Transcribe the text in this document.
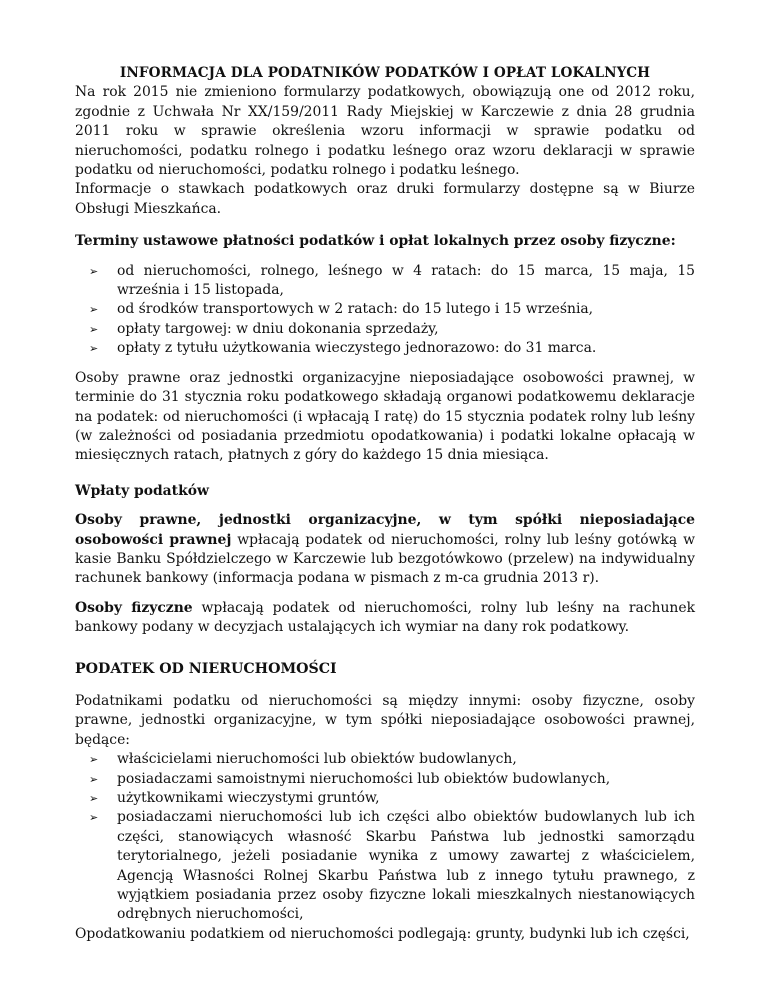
INFORMACJA DLA PODATNIKÓW PODATKÓW I OPŁAT LOKALNYCH

Na rok 2015 nie zmieniono formularzy podatkowych, obowiązują one od 2012 roku, zgodnie z Uchwała Nr XX/159/2011 Rady Miejskiej w Karczewie z dnia 28 grudnia 2011 roku w sprawie określenia wzoru informacji w sprawie podatku od nieruchomości, podatku rolnego i podatku leśnego oraz wzoru deklaracji w sprawie podatku od nieruchomości, podatku rolnego i podatku leśnego.

Informacje o stawkach podatkowych oraz druki formularzy dostępne są w Biurze Obsługi Mieszkańca.

Terminy ustawowe płatności podatków i opłat lokalnych przez osoby fizyczne:

➢ od nieruchomości, rolnego, leśnego w 4 ratach: do 15 marca, 15 maja, 15 września i 15 listopada,
➢ od środków transportowych w 2 ratach: do 15 lutego i 15 września,
➢ opłaty targowej: w dniu dokonania sprzedaży,
➢ opłaty z tytułu użytkowania wieczystego jednorazowo: do 31 marca.

Osoby prawne oraz jednostki organizacyjne nieposiadające osobowości prawnej, w terminie do 31 stycznia roku podatkowego składają organowi podatkowemu deklaracje na podatek: od nieruchomości (i wpłacają I ratę) do 15 stycznia podatek rolny lub leśny (w zależności od posiadania przedmiotu opodatkowania) i podatki lokalne opłacają w miesięcznych ratach, płatnych z góry do każdego 15 dnia miesiąca.

Wpłaty podatków

Osoby prawne, jednostki organizacyjne, w tym spółki nieposiadające osobowości prawnej wpłacają podatek od nieruchomości, rolny lub leśny gotówką w kasie Banku Spółdzielczego w Karczewie lub bezgotówkowo (przelew) na indywidualny rachunek bankowy (informacja podana w pismach z m-ca grudnia 2013 r).

Osoby fizyczne wpłacają podatek od nieruchomości, rolny lub leśny na rachunek bankowy podany w decyzjach ustalających ich wymiar na dany rok podatkowy.

PODATEK OD NIERUCHOMOŚCI

Podatnikami podatku od nieruchomości są między innymi: osoby fizyczne, osoby prawne, jednostki organizacyjne, w tym spółki nieposiadające osobowości prawnej, będące:

➢ właścicielami nieruchomości lub obiektów budowlanych,
➢ posiadaczami samoistnymi nieruchomości lub obiektów budowlanych,
➢ użytkownikami wieczystymi gruntów,
➢ posiadaczami nieruchomości lub ich części albo obiektów budowlanych lub ich części, stanowiących własność Skarbu Państwa lub jednostki samorządu terytorialnego, jeżeli posiadanie wynika z umowy zawartej z właścicielem, Agencją Własności Rolnej Skarbu Państwa lub z innego tytułu prawnego, z wyjątkiem posiadania przez osoby fizyczne lokali mieszkalnych niestanowiących odrębnych nieruchomości,

Opodatkowaniu podatkiem od nieruchomości podlegają: grunty, budynki lub ich części,
